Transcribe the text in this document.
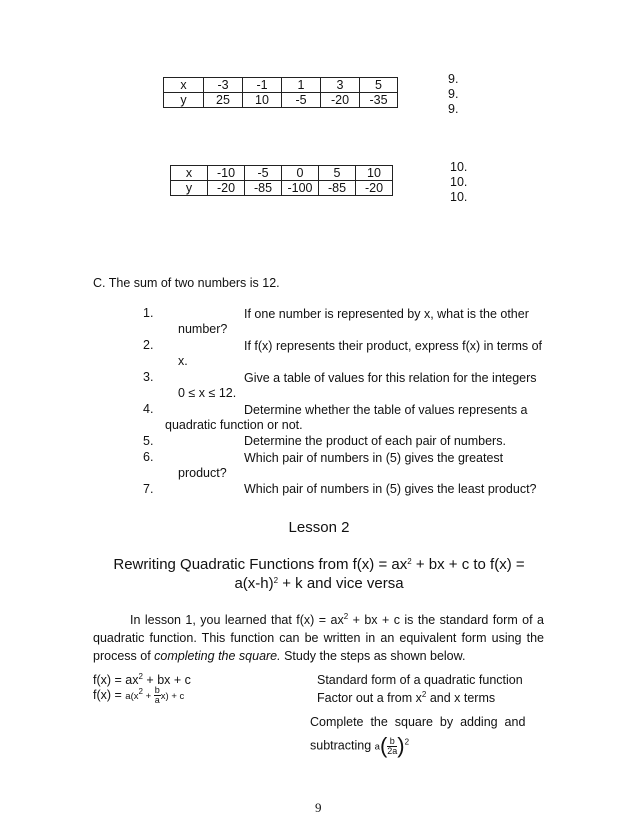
x	-3	-1	1	3	5
y	25	10	-5	-20	-35
9.
9.
9.
x	-10	-5	0	5	10
y	-20	-85	-100	-85	-20
10.
10.
10.
C. The sum of two numbers is 12.
1.	If one number is represented by x, what is the other
number?
2.	If f(x) represents their product, express f(x) in terms of
x.
3.	Give a table of values for this relation for the integers
0 ≤ x ≤ 12.
4.	Determine whether the table of values represents a
quadratic function or not.
5.	Determine the product of each pair of numbers.
6.	Which pair of numbers in (5) gives the greatest
product?
7.	Which pair of numbers in (5) gives the least product?
Lesson 2
Rewriting Quadratic Functions from $f(x) = ax^2$ + bx + c to f(x) =
$a(x-h)^2 + k$ and vice versa
In lesson 1, you learned that $f(x) = ax^2$ + bx + c is the standard form of a quadratic function. This function can be written in an equivalent form using the process of completing the square. Study the steps as shown below.
$f(x) = ax^2$ + bx + c	Standard form of a quadratic function
$f(x) = a(x^2 + \frac{b}{a} x) + c$	Factor out a from $x^2$ and x terms
Complete  the  square  by  adding  and
subtracting $a( \frac{b}{2a} )^2$
9
